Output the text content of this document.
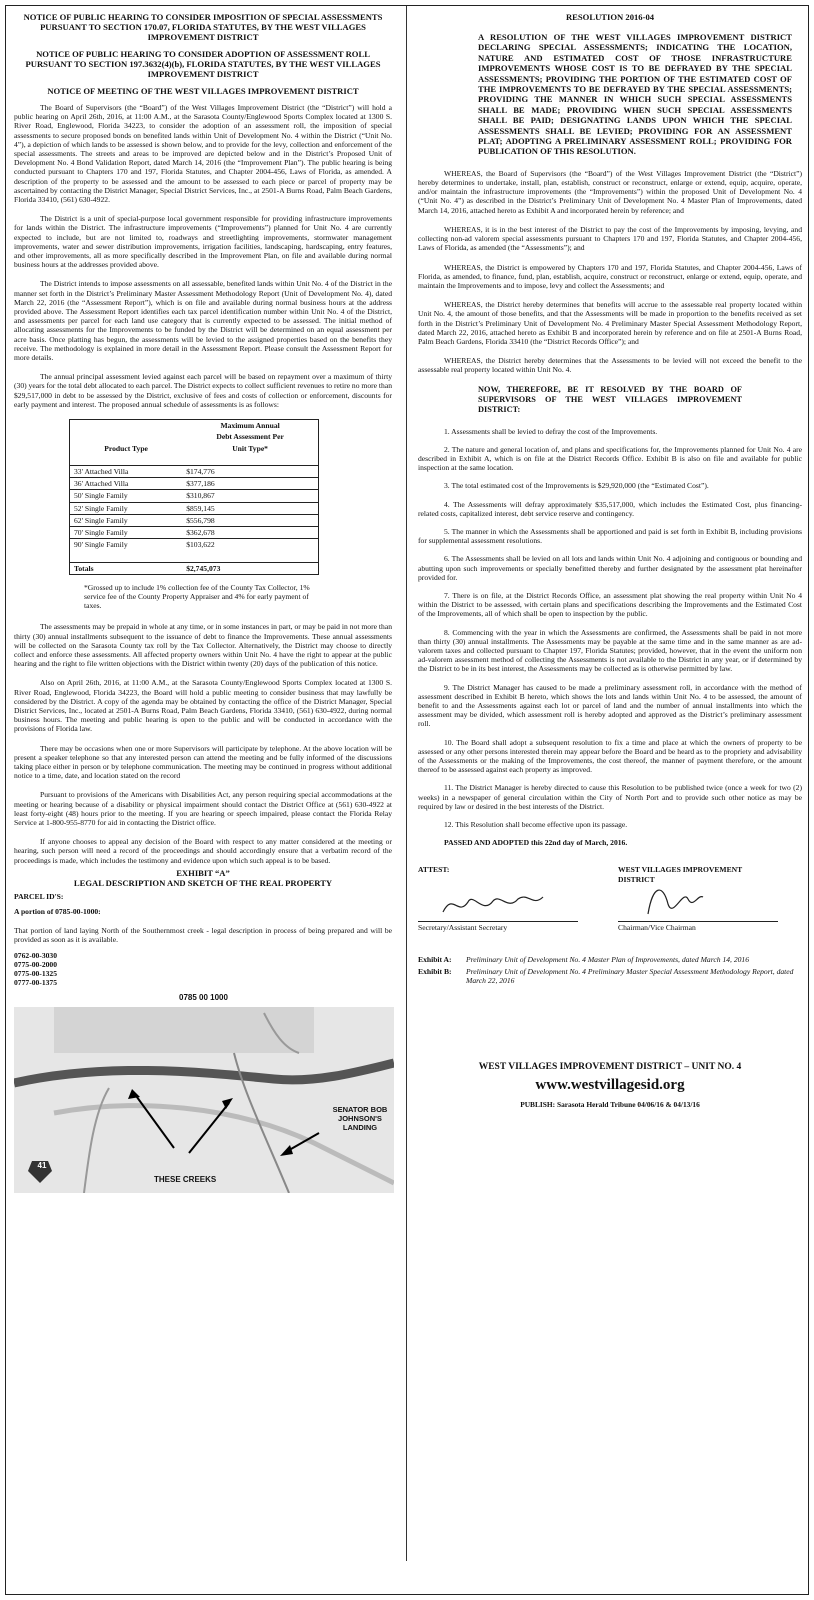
NOTICE OF PUBLIC HEARING TO CONSIDER IMPOSITION OF SPECIAL ASSESSMENTS PURSUANT TO SECTION 170.07, FLORIDA STATUTES, BY THE WEST VILLAGES IMPROVEMENT DISTRICT
NOTICE OF PUBLIC HEARING TO CONSIDER ADOPTION OF ASSESSMENT ROLL PURSUANT TO SECTION 197.3632(4)(b), FLORIDA STATUTES, BY THE WEST VILLAGES IMPROVEMENT DISTRICT
NOTICE OF MEETING OF THE WEST VILLAGES IMPROVEMENT DISTRICT

The Board of Supervisors (the “Board”) of the West Villages Improvement District (the “District”) will hold a public hearing on April 26th, 2016, at 11:00 A.M., at the Sarasota County/Englewood Sports Complex located at 1300 S. River Road, Englewood, Florida 34223, to consider the adoption of an assessment roll, the imposition of special assessments to secure proposed bonds on benefited lands within Unit of Development No. 4 within the District (“Unit No. 4”), a depiction of which lands to be assessed is shown below, and to provide for the levy, collection and enforcement of the special assessments. The streets and areas to be improved are depicted below and in the District’s Proposed Unit of Development No. 4 Bond Validation Report, dated March 14, 2016 (the “Improvement Plan”). The public hearing is being conducted pursuant to Chapters 170 and 197, Florida Statutes, and Chapter 2004-456, Laws of Florida, as amended. A description of the property to be assessed and the amount to be assessed to each piece or parcel of property may be ascertained by contacting the District Manager, Special District Services, Inc., at 2501-A Burns Road, Palm Beach Gardens, Florida 33410, (561) 630-4922.

The District is a unit of special-purpose local government responsible for providing infrastructure improvements for lands within the District. The infrastructure improvements (“Improvements”) planned for Unit No. 4 are currently expected to include, but are not limited to, roadways and streetlighting improvements, stormwater management improvements, water and sewer distribution improvements, irrigation facilities, landscaping, hardscaping, entry features, and other improvements, all as more specifically described in the Improvement Plan, on file and available during normal business hours at the addresses provided above.

The District intends to impose assessments on all assessable, benefited lands within Unit No. 4 of the District in the manner set forth in the District’s Preliminary Master Assessment Methodology Report (Unit of Development No. 4), dated March 22, 2016 (the “Assessment Report”), which is on file and available during normal business hours at the address provided above. The Assessment Report identifies each tax parcel identification number within Unit No. 4 of the District, and assessments per parcel for each land use category that is currently expected to be assessed. The initial method of allocating assessments for the Improvements to be funded by the District will be determined on an equal assessment per acre basis. Once platting has begun, the assessments will be levied to the assigned properties based on the benefits they receive. The methodology is explained in more detail in the Assessment Report. Please consult the Assessment Report for more details.

The annual principal assessment levied against each parcel will be based on repayment over a maximum of thirty (30) years for the total debt allocated to each parcel. The District expects to collect sufficient revenues to retire no more than $29,517,000 in debt to be assessed by the District, exclusive of fees and costs of collection or enforcement, discounts for early payment and interest. The proposed annual schedule of assessments is as follows:

	Maximum Annual
	Debt Assessment Per
Product Type	Unit Type*

33' Attached Villa	$174,776
36' Attached Villa	$377,186
50' Single Family	$310,867
52' Single Family	$859,145
62' Single Family	$556,798
70' Single Family	$362,678
90' Single Family	$103,622

Totals	$2,745,073
*Grossed up to include 1% collection fee of the County Tax Collector, 1% service fee of the County Property Appraiser and 4% for early payment of taxes.

The assessments may be prepaid in whole at any time, or in some instances in part, or may be paid in not more than thirty (30) annual installments subsequent to the issuance of debt to finance the Improvements. These annual assessments will be collected on the Sarasota County tax roll by the Tax Collector. Alternatively, the District may choose to directly collect and enforce these assessments. All affected property owners within Unit No. 4 have the right to appear at the public hearing and the right to file written objections with the District within twenty (20) days of the publication of this notice.

Also on April 26th, 2016, at 11:00 A.M., at the Sarasota County/Englewood Sports Complex located at 1300 S. River Road, Englewood, Florida 34223, the Board will hold a public meeting to consider business that may lawfully be considered by the District. A copy of the agenda may be obtained by contacting the office of the District Manager, Special District Services, Inc., located at 2501-A Burns Road, Palm Beach Gardens, Florida 33410, (561) 630-4922, during normal business hours. The meeting and public hearing is open to the public and will be conducted in accordance with the provisions of Florida law.

There may be occasions when one or more Supervisors will participate by telephone. At the above location will be present a speaker telephone so that any interested person can attend the meeting and be fully informed of the discussions taking place either in person or by telephone communication. The meeting may be continued in progress without additional notice to a time, date, and location stated on the record

Pursuant to provisions of the Americans with Disabilities Act, any person requiring special accommodations at the meeting or hearing because of a disability or physical impairment should contact the District Office at (561) 630-4922 at least forty-eight (48) hours prior to the meeting. If you are hearing or speech impaired, please contact the Florida Relay Service at 1-800-955-8770 for aid in contacting the District office.

If anyone chooses to appeal any decision of the Board with respect to any matter considered at the meeting or hearing, such person will need a record of the proceedings and should accordingly ensure that a verbatim record of the proceedings is made, which includes the testimony and evidence upon which such appeal is to be based.

EXHIBIT “A”
LEGAL DESCRIPTION AND SKETCH OF THE REAL PROPERTY
PARCEL ID'S:
A portion of 0785-00-1000:

That portion of land laying North of the Southernmost creek - legal description in process of being prepared and will be provided as soon as it is available.

0762-00-3030
0775-00-2000
0775-00-1325
0777-00-1375
0785 00 1000
41
SENATOR BOB
JOHNSON'S
LANDING
THESE CREEKS
RESOLUTION 2016-04
A RESOLUTION OF THE WEST VILLAGES IMPROVEMENT DISTRICT DECLARING SPECIAL ASSESSMENTS; INDICATING THE LOCATION, NATURE AND ESTIMATED COST OF THOSE INFRASTRUCTURE IMPROVEMENTS WHOSE COST IS TO BE DEFRAYED BY THE SPECIAL ASSESSMENTS; PROVIDING THE PORTION OF THE ESTIMATED COST OF THE IMPROVEMENTS TO BE DEFRAYED BY THE SPECIAL ASSESSMENTS; PROVIDING THE MANNER IN WHICH SUCH SPECIAL ASSESSMENTS SHALL BE MADE; PROVIDING WHEN SUCH SPECIAL ASSESSMENTS SHALL BE PAID; DESIGNATING LANDS UPON WHICH THE SPECIAL ASSESSMENTS SHALL BE LEVIED; PROVIDING FOR AN ASSESSMENT PLAT; ADOPTING A PRELIMINARY ASSESSMENT ROLL; PROVIDING FOR PUBLICATION OF THIS RESOLUTION.

WHEREAS, the Board of Supervisors (the “Board”) of the West Villages Improvement District (the “District”) hereby determines to undertake, install, plan, establish, construct or reconstruct, enlarge or extend, equip, acquire, operate, and/or maintain the infrastructure improvements (the “Improvements”) within the proposed Unit of Development No. 4 (“Unit No. 4”) as described in the District’s Preliminary Unit of Development No. 4 Master Plan of Improvements, dated March 14, 2016, attached hereto as Exhibit A and incorporated herein by reference; and

WHEREAS, it is in the best interest of the District to pay the cost of the Improvements by imposing, levying, and collecting non-ad valorem special assessments pursuant to Chapters 170 and 197, Florida Statutes, and Chapter 2004-456, Laws of Florida, as amended (the “Assessments”); and

WHEREAS, the District is empowered by Chapters 170 and 197, Florida Statutes, and Chapter 2004-456, Laws of Florida, as amended, to finance, fund, plan, establish, acquire, construct or reconstruct, enlarge or extend, equip, operate, and maintain the Improvements and to impose, levy and collect the Assessments; and

WHEREAS, the District hereby determines that benefits will accrue to the assessable real property located within Unit No. 4, the amount of those benefits, and that the Assessments will be made in proportion to the benefits received as set forth in the District’s Preliminary Unit of Development No. 4 Preliminary Master Special Assessment Methodology Report, dated March 22, 2016, attached hereto as Exhibit B and incorporated herein by reference and on file at 2501-A Burns Road, Palm Beach Gardens, Florida 33410 (the “District Records Office”); and

WHEREAS, the District hereby determines that the Assessments to be levied will not exceed the benefit to the assessable real property located within Unit No. 4.

NOW, THEREFORE, BE IT RESOLVED BY THE BOARD OF SUPERVISORS OF THE WEST VILLAGES IMPROVEMENT DISTRICT:
1. Assessments shall be levied to defray the cost of the Improvements.
2. The nature and general location of, and plans and specifications for, the Improvements planned for Unit No. 4 are described in Exhibit A, which is on file at the District Records Office. Exhibit B is also on file and available for public inspection at the same location.
3. The total estimated cost of the Improvements is $29,920,000 (the “Estimated Cost”).
4. The Assessments will defray approximately $35,517,000, which includes the Estimated Cost, plus financing-related costs, capitalized interest, debt service reserve and contingency.
5. The manner in which the Assessments shall be apportioned and paid is set forth in Exhibit B, including provisions for supplemental assessment resolutions.
6. The Assessments shall be levied on all lots and lands within Unit No. 4 adjoining and contiguous or bounding and abutting upon such improvements or specially benefitted thereby and further designated by the assessment plat hereinafter provided for.
7. There is on file, at the District Records Office, an assessment plat showing the real property within Unit No 4 within the District to be assessed, with certain plans and specifications describing the Improvements and the Estimated Cost of the Improvements, all of which shall be open to inspection by the public.
8. Commencing with the year in which the Assessments are confirmed, the Assessments shall be paid in not more than thirty (30) annual installments. The Assessments may be payable at the same time and in the same manner as are ad-valorem taxes and collected pursuant to Chapter 197, Florida Statutes; provided, however, that in the event the uniform non ad-valorem assessment method of collecting the Assessments is not available to the District in any year, or if determined by the District to be in its best interest, the Assessments may be collected as is otherwise permitted by law.
9. The District Manager has caused to be made a preliminary assessment roll, in accordance with the method of assessment described in Exhibit B hereto, which shows the lots and lands within Unit No. 4 to be assessed, the amount of benefit to and the Assessments against each lot or parcel of land and the number of annual installments into which the assessment may be divided, which assessment roll is hereby adopted and approved as the District’s preliminary assessment roll.
10. The Board shall adopt a subsequent resolution to fix a time and place at which the owners of property to be assessed or any other persons interested therein may appear before the Board and be heard as to the propriety and advisability of the Assessments or the making of the Improvements, the cost thereof, the manner of payment therefore, or the amount thereof to be assessed against each property as improved.
11. The District Manager is hereby directed to cause this Resolution to be published twice (once a week for two (2) weeks) in a newspaper of general circulation within the City of North Port and to provide such other notice as may be required by law or desired in the best interests of the District.
12. This Resolution shall become effective upon its passage.

PASSED AND ADOPTED this 22nd day of March, 2016.

ATTEST:	WEST VILLAGES IMPROVEMENT DISTRICT
Secretary/Assistant Secretary	Chairman/Vice Chairman
Exhibit A:	Preliminary Unit of Development No. 4 Master Plan of Improvements, dated March 14, 2016
Exhibit B:	Preliminary Unit of Development No. 4 Preliminary Master Special Assessment Methodology Report, dated March 22, 2016
WEST VILLAGES IMPROVEMENT DISTRICT – UNIT NO. 4
www.westvillagesid.org
PUBLISH: Sarasota Herald Tribune 04/06/16 & 04/13/16
